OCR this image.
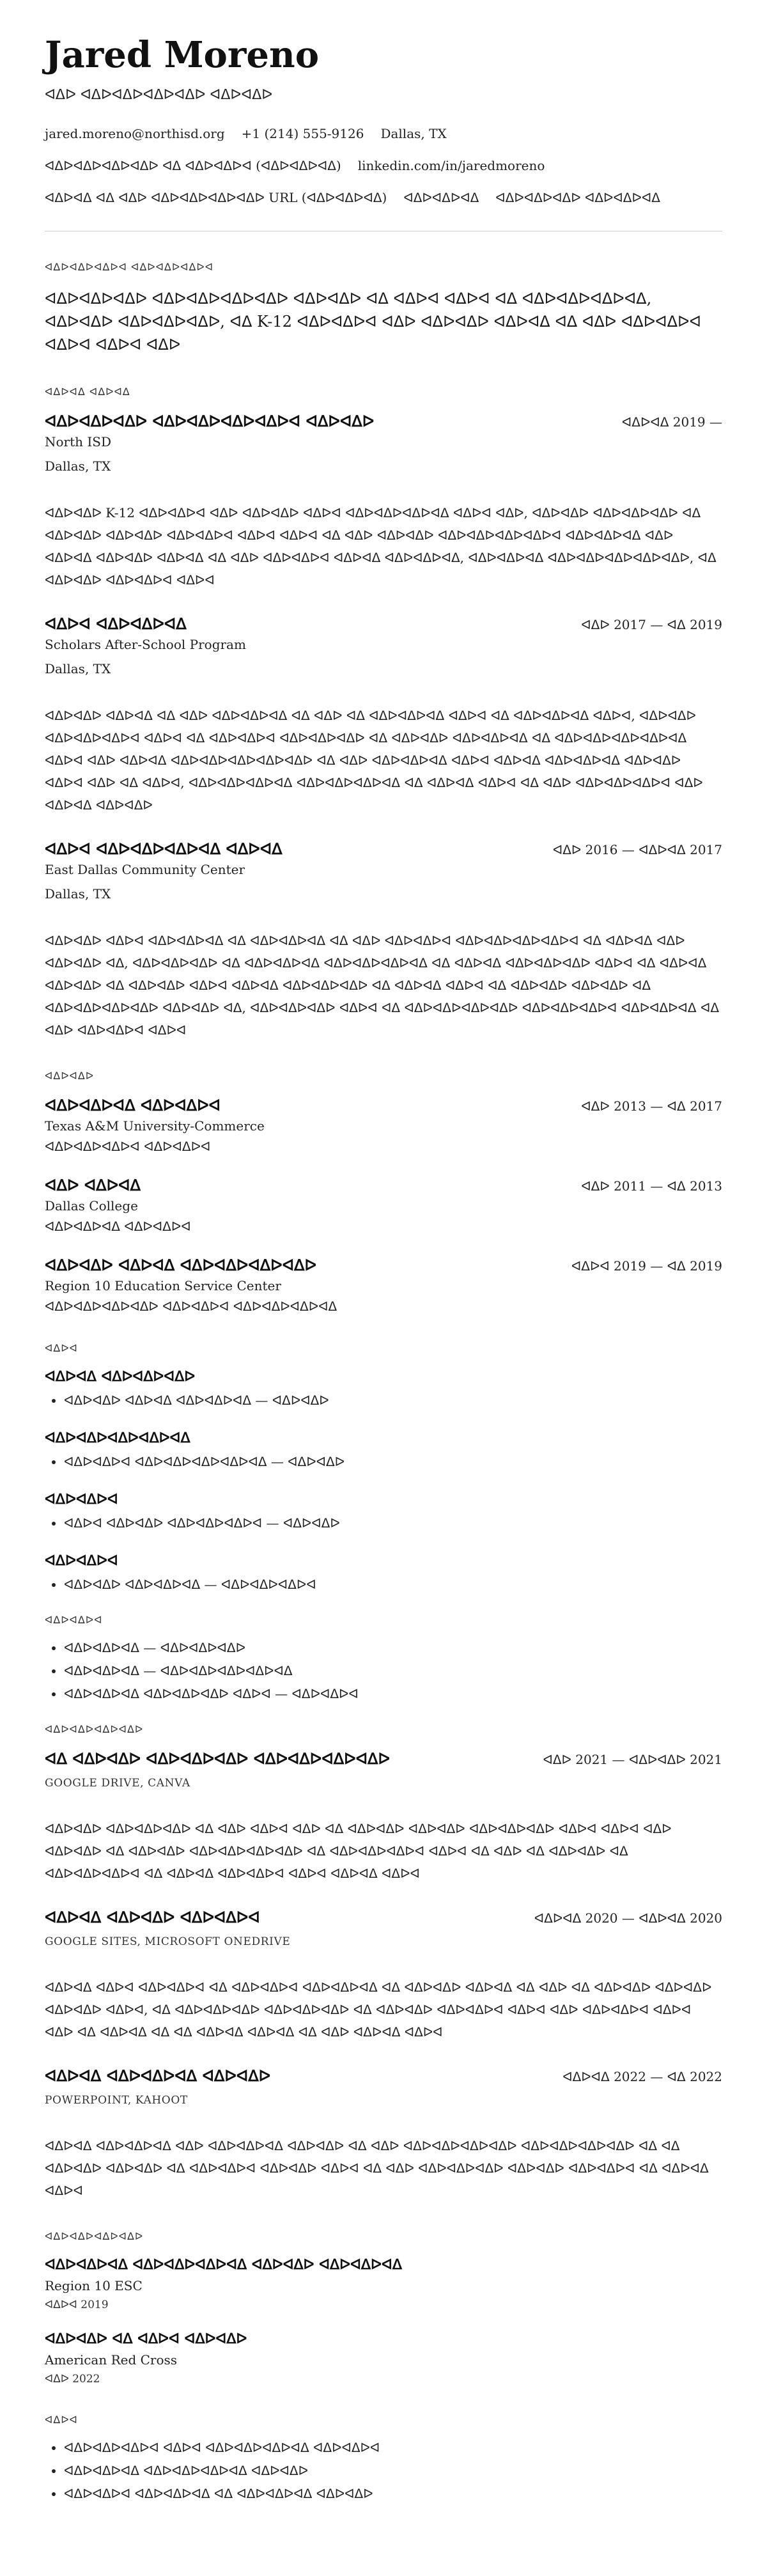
Jared Moreno
ᐊᐃᐅ ᐊᐃᐅᐊᐃᐅᐊᐃᐅᐊᐃᐅ ᐊᐃᐅᐊᐃᐅ
jared.moreno@northisd.org +1 (214) 555-9126 Dallas, TX
ᐊᐃᐅᐊᐃᐅᐊᐃᐅᐊᐃᐅ ᐊᐃ ᐊᐃᐅᐊᐃᐅᐊ (ᐊᐃᐅᐊᐃᐅᐊᐃ) linkedin.com/in/jaredmoreno
ᐊᐃᐅᐊᐃ ᐊᐃ ᐊᐃᐅ ᐊᐃᐅᐊᐃᐅᐊᐃᐅᐊᐃᐅ URL (ᐊᐃᐅᐊᐃᐅᐊᐃ) ᐊᐃᐅᐊᐃᐅᐊᐃ ᐊᐃᐅᐊᐃᐅᐊᐃᐅ ᐊᐃᐅᐊᐃᐅᐊᐃ
ᐊᐃᐅᐊᐃᐅᐊᐃᐅᐊ ᐊᐃᐅᐊᐃᐅᐊᐃᐅᐊ
ᐊᐃᐅᐊᐃᐅᐊᐃᐅ ᐊᐃᐅᐊᐃᐅᐊᐃᐅᐊᐃᐅ ᐊᐃᐅᐊᐃᐅ ᐊᐃ ᐊᐃᐅᐊ ᐊᐃᐅᐊ ᐊᐃ ᐊᐃᐅᐊᐃᐅᐊᐃᐅᐊᐃ, ᐊᐃᐅᐊᐃᐅ ᐊᐃᐅᐊᐃᐅᐊᐃᐅ, ᐊᐃ K-12 ᐊᐃᐅᐊᐃᐅᐊ ᐊᐃᐅ ᐊᐃᐅᐊᐃᐅ ᐊᐃᐅᐊᐃ ᐊᐃ ᐊᐃᐅ ᐊᐃᐅᐊᐃᐅᐊ ᐊᐃᐅᐊ ᐊᐃᐅᐊ ᐊᐃᐅ
ᐊᐃᐅᐊᐃ ᐊᐃᐅᐊᐃ
ᐊᐃᐅᐊᐃᐅᐊᐃᐅ ᐊᐃᐅᐊᐃᐅᐊᐃᐅᐊᐃᐅᐊ ᐊᐃᐅᐊᐃᐅ	ᐊᐃᐅᐊᐃ 2019 —
North ISD
Dallas, TX
ᐊᐃᐅᐊᐃᐅ K-12 ᐊᐃᐅᐊᐃᐅᐊ ᐊᐃᐅ ᐊᐃᐅᐊᐃᐅ ᐊᐃᐅᐊ ᐊᐃᐅᐊᐃᐅᐊᐃᐅᐊᐃ ᐊᐃᐅᐊ ᐊᐃᐅ, ᐊᐃᐅᐊᐃᐅ ᐊᐃᐅᐊᐃᐅᐊᐃᐅ ᐊᐃ ᐊᐃᐅᐊᐃᐅ ᐊᐃᐅᐊᐃᐅ ᐊᐃᐅᐊᐃᐅᐊ ᐊᐃᐅᐊ ᐊᐃᐅᐊ ᐊᐃ ᐊᐃᐅ ᐊᐃᐅᐊᐃᐅ ᐊᐃᐅᐊᐃᐅᐊᐃᐅᐊᐃᐅᐊ ᐊᐃᐅᐊᐃᐅᐊᐃ ᐊᐃᐅ ᐊᐃᐅᐊᐃ ᐊᐃᐅᐊᐃᐅ ᐊᐃᐅᐊᐃ ᐊᐃ ᐊᐃᐅ ᐊᐃᐅᐊᐃᐅᐊ ᐊᐃᐅᐊᐃ ᐊᐃᐅᐊᐃᐅᐊᐃ, ᐊᐃᐅᐊᐃᐅᐊᐃ ᐊᐃᐅᐊᐃᐅᐊᐃᐅᐊᐃᐅᐊᐃᐅ, ᐊᐃ ᐊᐃᐅᐊᐃᐅ ᐊᐃᐅᐊᐃᐅᐊ ᐊᐃᐅᐊ
ᐊᐃᐅᐊ ᐊᐃᐅᐊᐃᐅᐊᐃ	ᐊᐃᐅ 2017 — ᐊᐃ 2019
Scholars After-School Program
Dallas, TX
ᐊᐃᐅᐊᐃᐅ ᐊᐃᐅᐊᐃ ᐊᐃ ᐊᐃᐅ ᐊᐃᐅᐊᐃᐅᐊᐃ ᐊᐃ ᐊᐃᐅ ᐊᐃ ᐊᐃᐅᐊᐃᐅᐊᐃ ᐊᐃᐅᐊ ᐊᐃ ᐊᐃᐅᐊᐃᐅᐊᐃ ᐊᐃᐅᐊ, ᐊᐃᐅᐊᐃᐅ ᐊᐃᐅᐊᐃᐅᐊᐃᐅᐊ ᐊᐃᐅᐊ ᐊᐃ ᐊᐃᐅᐊᐃᐅᐊ ᐊᐃᐅᐊᐃᐅᐊᐃᐅ ᐊᐃ ᐊᐃᐅᐊᐃᐅ ᐊᐃᐅᐊᐃᐅᐊᐃ ᐊᐃ ᐊᐃᐅᐊᐃᐅᐊᐃᐅᐊᐃᐅᐊᐃ ᐊᐃᐅᐊ ᐊᐃᐅ ᐊᐃᐅᐊᐃ ᐊᐃᐅᐊᐃᐅᐊᐃᐅᐊᐃᐅᐊᐃᐅ ᐊᐃ ᐊᐃᐅ ᐊᐃᐅᐊᐃᐅᐊᐃ ᐊᐃᐅᐊ ᐊᐃᐅᐊᐃ ᐊᐃᐅᐊᐃᐅᐊᐃ ᐊᐃᐅᐊᐃᐅ ᐊᐃᐅᐊ ᐊᐃᐅ ᐊᐃ ᐊᐃᐅᐊ, ᐊᐃᐅᐊᐃᐅᐊᐃᐅᐊᐃ ᐊᐃᐅᐊᐃᐅᐊᐃᐅᐊᐃ ᐊᐃ ᐊᐃᐅᐊᐃ ᐊᐃᐅᐊ ᐊᐃ ᐊᐃᐅ ᐊᐃᐅᐊᐃᐅᐊᐃᐅᐊ ᐊᐃᐅ ᐊᐃᐅᐊᐃ ᐊᐃᐅᐊᐃᐅ
ᐊᐃᐅᐊ ᐊᐃᐅᐊᐃᐅᐊᐃᐅᐊᐃ ᐊᐃᐅᐊᐃ	ᐊᐃᐅ 2016 — ᐊᐃᐅᐊᐃ 2017
East Dallas Community Center
Dallas, TX
ᐊᐃᐅᐊᐃᐅ ᐊᐃᐅᐊ ᐊᐃᐅᐊᐃᐅᐊᐃ ᐊᐃ ᐊᐃᐅᐊᐃᐅᐊᐃ ᐊᐃ ᐊᐃᐅ ᐊᐃᐅᐊᐃᐅᐊ ᐊᐃᐅᐊᐃᐅᐊᐃᐅᐊᐃᐅᐊ ᐊᐃ ᐊᐃᐅᐊᐃ ᐊᐃᐅ ᐊᐃᐅᐊᐃᐅ ᐊᐃ, ᐊᐃᐅᐊᐃᐅᐊᐃᐅ ᐊᐃ ᐊᐃᐅᐊᐃᐅᐊᐃ ᐊᐃᐅᐊᐃᐅᐊᐃᐅᐊᐃ ᐊᐃ ᐊᐃᐅᐊᐃ ᐊᐃᐅᐊᐃᐅᐊᐃᐅ ᐊᐃᐅᐊ ᐊᐃ ᐊᐃᐅᐊᐃ ᐊᐃᐅᐊᐃᐅ ᐊᐃ ᐊᐃᐅᐊᐃᐅ ᐊᐃᐅᐊ ᐊᐃᐅᐊᐃ ᐊᐃᐅᐊᐃᐅᐊᐃᐅ ᐊᐃ ᐊᐃᐅᐊᐃ ᐊᐃᐅᐊ ᐊᐃ ᐊᐃᐅᐊᐃᐅ ᐊᐃᐅᐊᐃᐅ ᐊᐃ ᐊᐃᐅᐊᐃᐅᐊᐃᐅᐊᐃᐅ ᐊᐃᐅᐊᐃᐅ ᐊᐃ, ᐊᐃᐅᐊᐃᐅᐊᐃᐅ ᐊᐃᐅᐊ ᐊᐃ ᐊᐃᐅᐊᐃᐅᐊᐃᐅᐊᐃᐅ ᐊᐃᐅᐊᐃᐅᐊᐃᐅᐊ ᐊᐃᐅᐊᐃᐅᐊᐃ ᐊᐃ ᐊᐃᐅ ᐊᐃᐅᐊᐃᐅᐊ ᐊᐃᐅᐊ
ᐊᐃᐅᐊᐃᐅ
ᐊᐃᐅᐊᐃᐅᐊᐃ ᐊᐃᐅᐊᐃᐅᐊ	ᐊᐃᐅ 2013 — ᐊᐃ 2017
Texas A&M University-Commerce
ᐊᐃᐅᐊᐃᐅᐊᐃᐅᐊ ᐊᐃᐅᐊᐃᐅᐊ
ᐊᐃᐅ ᐊᐃᐅᐊᐃ	ᐊᐃᐅ 2011 — ᐊᐃ 2013
Dallas College
ᐊᐃᐅᐊᐃᐅᐊᐃ ᐊᐃᐅᐊᐃᐅᐊ
ᐊᐃᐅᐊᐃᐅ ᐊᐃᐅᐊᐃ ᐊᐃᐅᐊᐃᐅᐊᐃᐅᐊᐃᐅ	ᐊᐃᐅᐊ 2019 — ᐊᐃ 2019
Region 10 Education Service Center
ᐊᐃᐅᐊᐃᐅᐊᐃᐅᐊᐃᐅ ᐊᐃᐅᐊᐃᐅᐊ ᐊᐃᐅᐊᐃᐅᐊᐃᐅᐊᐃ
ᐊᐃᐅᐊ
ᐊᐃᐅᐊᐃ ᐊᐃᐅᐊᐃᐅᐊᐃᐅ
• ᐊᐃᐅᐊᐃᐅ ᐊᐃᐅᐊᐃ ᐊᐃᐅᐊᐃᐅᐊᐃ — ᐊᐃᐅᐊᐃᐅ
ᐊᐃᐅᐊᐃᐅᐊᐃᐅᐊᐃᐅᐊᐃ
• ᐊᐃᐅᐊᐃᐅᐊ ᐊᐃᐅᐊᐃᐅᐊᐃᐅᐊᐃᐅᐊᐃ — ᐊᐃᐅᐊᐃᐅ
ᐊᐃᐅᐊᐃᐅᐊ
• ᐊᐃᐅᐊ ᐊᐃᐅᐊᐃᐅ ᐊᐃᐅᐊᐃᐅᐊᐃᐅᐊ — ᐊᐃᐅᐊᐃᐅ
ᐊᐃᐅᐊᐃᐅᐊ
• ᐊᐃᐅᐊᐃᐅ ᐊᐃᐅᐊᐃᐅᐊᐃ — ᐊᐃᐅᐊᐃᐅᐊᐃᐅᐊ
ᐊᐃᐅᐊᐃᐅᐊ
• ᐊᐃᐅᐊᐃᐅᐊᐃ — ᐊᐃᐅᐊᐃᐅᐊᐃᐅ
• ᐊᐃᐅᐊᐃᐅᐊᐃ — ᐊᐃᐅᐊᐃᐅᐊᐃᐅᐊᐃᐅᐊᐃ
• ᐊᐃᐅᐊᐃᐅᐊᐃ ᐊᐃᐅᐊᐃᐅᐊᐃᐅ ᐊᐃᐅᐊ — ᐊᐃᐅᐊᐃᐅᐊ
ᐊᐃᐅᐊᐃᐅᐊᐃᐅᐊᐃᐅ
ᐊᐃ ᐊᐃᐅᐊᐃᐅ ᐊᐃᐅᐊᐃᐅᐊᐃᐅ ᐊᐃᐅᐊᐃᐅᐊᐃᐅᐊᐃᐅ	ᐊᐃᐅ 2021 — ᐊᐃᐅᐊᐃᐅ 2021
GOOGLE DRIVE, CANVA
ᐊᐃᐅᐊᐃᐅ ᐊᐃᐅᐊᐃᐅᐊᐃᐅ ᐊᐃ ᐊᐃᐅ ᐊᐃᐅᐊ ᐊᐃᐅ ᐊᐃ ᐊᐃᐅᐊᐃᐅ ᐊᐃᐅᐊᐃᐅ ᐊᐃᐅᐊᐃᐅᐊᐃᐅ ᐊᐃᐅᐊ ᐊᐃᐅᐊ ᐊᐃᐅ ᐊᐃᐅᐊᐃᐅ ᐊᐃ ᐊᐃᐅᐊᐃᐅ ᐊᐃᐅᐊᐃᐅᐊᐃᐅᐊᐃᐅ ᐊᐃ ᐊᐃᐅᐊᐃᐅᐊᐃᐅᐊ ᐊᐃᐅᐊ ᐊᐃ ᐊᐃᐅ ᐊᐃ ᐊᐃᐅᐊᐃᐅ ᐊᐃ ᐊᐃᐅᐊᐃᐅᐊᐃᐅᐊ ᐊᐃ ᐊᐃᐅᐊᐃ ᐊᐃᐅᐊᐃᐅᐊ ᐊᐃᐅᐊ ᐊᐃᐅᐊᐃ ᐊᐃᐅᐊ
ᐊᐃᐅᐊᐃ ᐊᐃᐅᐊᐃᐅ ᐊᐃᐅᐊᐃᐅᐊ	ᐊᐃᐅᐊᐃ 2020 — ᐊᐃᐅᐊᐃ 2020
GOOGLE SITES, MICROSOFT ONEDRIVE
ᐊᐃᐅᐊᐃ ᐊᐃᐅᐊ ᐊᐃᐅᐊᐃᐅᐊ ᐊᐃ ᐊᐃᐅᐊᐃᐅᐊ ᐊᐃᐅᐊᐃᐅᐊᐃ ᐊᐃ ᐊᐃᐅᐊᐃᐅ ᐊᐃᐅᐊᐃ ᐊᐃ ᐊᐃᐅ ᐊᐃ ᐊᐃᐅᐊᐃᐅ ᐊᐃᐅᐊᐃᐅ ᐊᐃᐅᐊᐃᐅ ᐊᐃᐅᐊ, ᐊᐃ ᐊᐃᐅᐊᐃᐅᐊᐃᐅ ᐊᐃᐅᐊᐃᐅᐊᐃᐅ ᐊᐃ ᐊᐃᐅᐊᐃᐅ ᐊᐃᐅᐊᐃᐅᐊ ᐊᐃᐅᐊ ᐊᐃᐅ ᐊᐃᐅᐊᐃᐅᐊ ᐊᐃᐅᐊ ᐊᐃᐅ ᐊᐃ ᐊᐃᐅᐊᐃ ᐊᐃ ᐊᐃ ᐊᐃᐅᐊᐃ ᐊᐃᐅᐊᐃ ᐊᐃ ᐊᐃᐅ ᐊᐃᐅᐊᐃ ᐊᐃᐅᐊ
ᐊᐃᐅᐊᐃ ᐊᐃᐅᐊᐃᐅᐊᐃ ᐊᐃᐅᐊᐃᐅ	ᐊᐃᐅᐊᐃ 2022 — ᐊᐃ 2022
POWERPOINT, KAHOOT
ᐊᐃᐅᐊᐃ ᐊᐃᐅᐊᐃᐅᐊᐃ ᐊᐃᐅ ᐊᐃᐅᐊᐃᐅᐊᐃ ᐊᐃᐅᐊᐃᐅ ᐊᐃ ᐊᐃᐅ ᐊᐃᐅᐊᐃᐅᐊᐃᐅᐊᐃᐅ ᐊᐃᐅᐊᐃᐅᐊᐃᐅᐊᐃᐅ ᐊᐃ ᐊᐃ ᐊᐃᐅᐊᐃᐅ ᐊᐃᐅᐊᐃᐅ ᐊᐃ ᐊᐃᐅᐊᐃᐅᐊ ᐊᐃᐅᐊᐃᐅ ᐊᐃᐅᐊ ᐊᐃ ᐊᐃᐅ ᐊᐃᐅᐊᐃᐅᐊᐃᐅ ᐊᐃᐅᐊᐃᐅ ᐊᐃᐅᐊᐃᐅᐊ ᐊᐃ ᐊᐃᐅᐊᐃ ᐊᐃᐅᐊ
ᐊᐃᐅᐊᐃᐅᐊᐃᐅᐊᐃᐅ
ᐊᐃᐅᐊᐃᐅᐊᐃ ᐊᐃᐅᐊᐃᐅᐊᐃᐅᐊᐃ ᐊᐃᐅᐊᐃᐅ ᐊᐃᐅᐊᐃᐅᐊᐃ
Region 10 ESC
ᐊᐃᐅᐊ 2019
ᐊᐃᐅᐊᐃᐅ ᐊᐃ ᐊᐃᐅᐊ ᐊᐃᐅᐊᐃᐅ
American Red Cross
ᐊᐃᐅ 2022
ᐊᐃᐅᐊ
• ᐊᐃᐅᐊᐃᐅᐊᐃᐅᐊ ᐊᐃᐅᐊ ᐊᐃᐅᐊᐃᐅᐊᐃᐅᐊᐃ ᐊᐃᐅᐊᐃᐅᐊ
• ᐊᐃᐅᐊᐃᐅᐊᐃ ᐊᐃᐅᐊᐃᐅᐊᐃᐅᐊᐃ ᐊᐃᐅᐊᐃᐅ
• ᐊᐃᐅᐊᐃᐅᐊ ᐊᐃᐅᐊᐃᐅᐊᐃ ᐊᐃ ᐊᐃᐅᐊᐃᐅᐊᐃ ᐊᐃᐅᐊᐃᐅ
